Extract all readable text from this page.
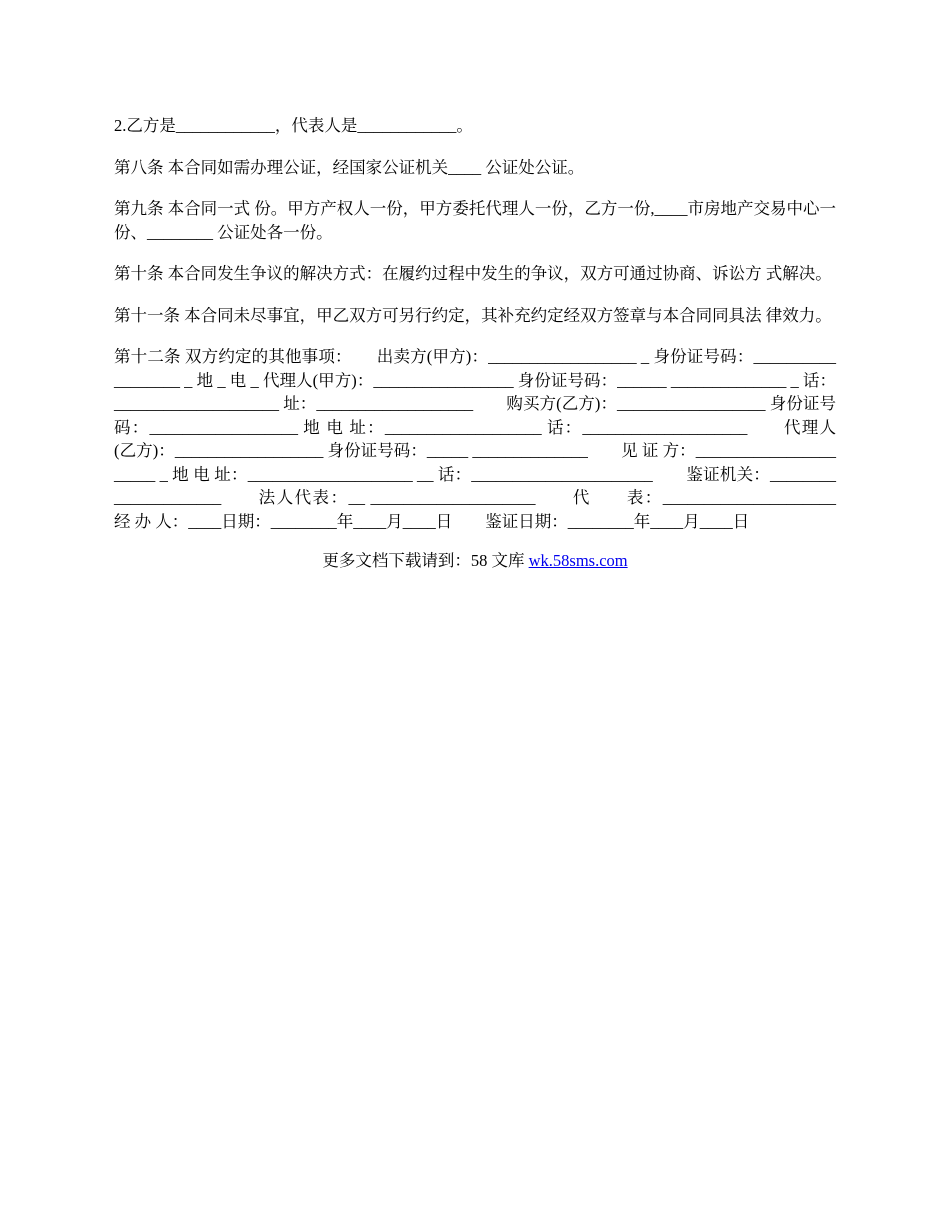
2.乙方是____________，代表人是____________。

第八条 本合同如需办理公证，经国家公证机关____ 公证处公证。

第九条 本合同一式 份。甲方产权人一份，甲方委托代理人一份，乙方一份,____市房地产交易中心一份、________ 公证处各一份。

第十条 本合同发生争议的解决方式：在履约过程中发生的争议，双方可通过协商、诉讼方 式解决。

第十一条 本合同未尽事宜，甲乙双方可另行约定，其补充约定经双方签章与本合同同具法 律效力。

第十二条 双方约定的其他事项：　　出卖方(甲方)：__________________ _ 身份证号码：__________________ _ 地 _ 电 _ 代理人(甲方)：_________________ 身份证号码：______ ______________ _ 话：____________________ 址：___________________　　购买方(乙方)：__________________ 身份证号码：__________________ 地 电 址：___________________ 话：____________________　　代理人(乙方)：__________________ 身份证号码：_____ ______________　　见 证 方：______________________ _ 地 电 址：____________________ __ 话：______________________　　鉴证机关：_____________________　　法人代表：__ ____________________　　代　　表：_____________________　　经 办 人：____日期：________年____月____日　　鉴证日期：________年____月____日

更多文档下载请到：58 文库 wk.58sms.com
